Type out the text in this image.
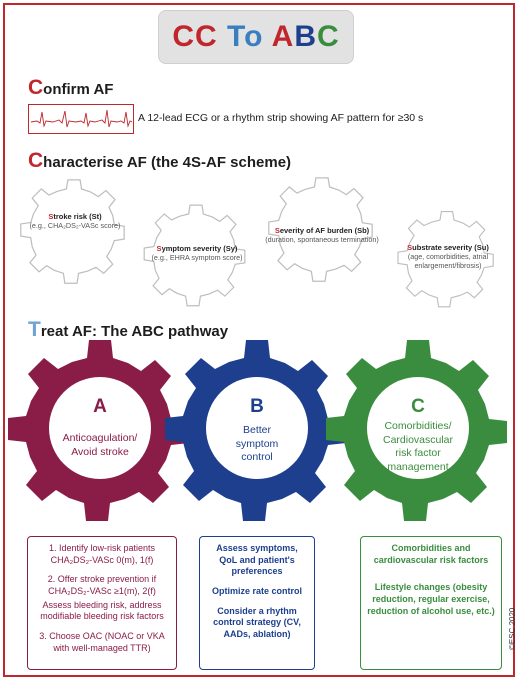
CC To ABC
Confirm AF
A 12-lead ECG or a rhythm strip showing AF pattern for ≥30 s
Characterise AF (the 4S-AF scheme)
Stroke risk (St)
(e.g., CHA₂DS₂-VASc score)
Symptom severity (Sy)
(e.g., EHRA symptom score)
Severity of AF burden (Sb)
(duration, spontaneous termination)
Substrate severity (Su)
(age, comorbidities, atrial enlargement/fibrosis)
Treat AF: The ABC pathway
A
Anticoagulation/ Avoid stroke
B
Better symptom control
C
Comorbidities/ Cardiovascular risk factor management

1. Identify low-risk patients CHA₂DS₂-VASc 0(m), 1(f)

2. Offer stroke prevention if CHA₂DS₂-VASc ≥1(m), 2(f)

Assess bleeding risk, address modifiable bleeding risk factors

3. Choose OAC (NOAC or VKA with well-managed TTR)

Assess symptoms, QoL and patient's preferences

Optimize rate control

Consider a rhythm control strategy (CV, AADs, ablation)

Comorbidities and cardiovascular risk factors

Lifestyle changes (obesity reduction, regular exercise, reduction of alcohol use, etc.) ©ESC 2020
